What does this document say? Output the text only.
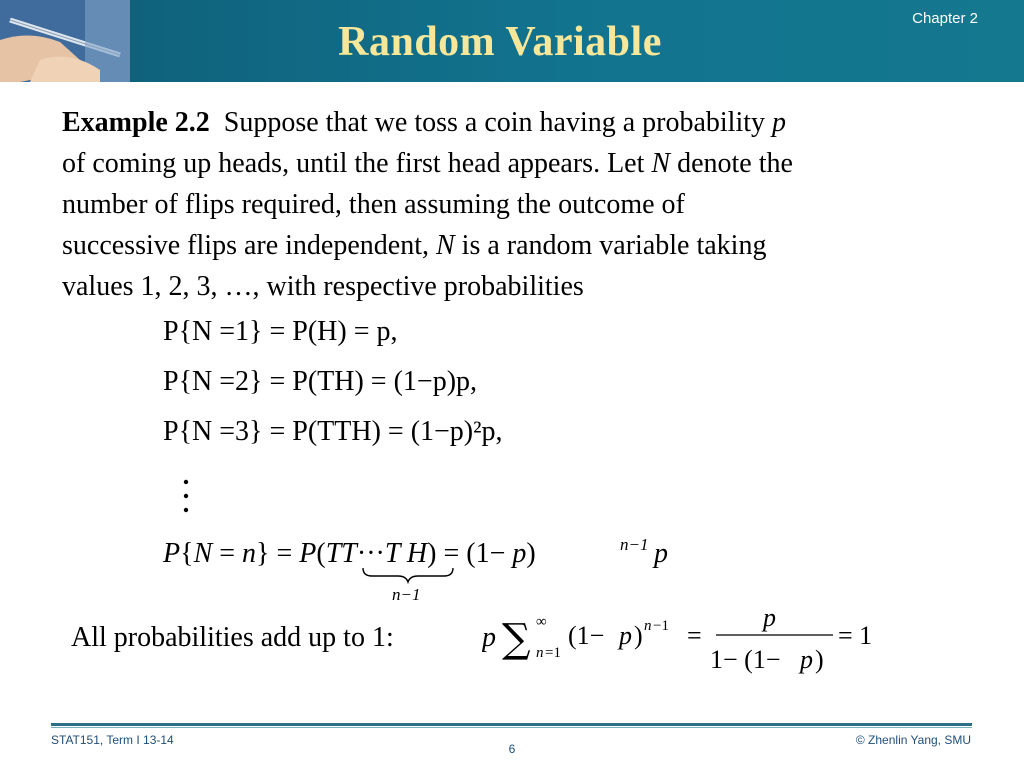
Random Variable
Chapter 2
Example 2.2 Suppose that we toss a coin having a probability p
of coming up heads, until the first head appears. Let N denote the
number of flips required, then assuming the outcome of
successive flips are independent, N is a random variable taking
values 1, 2, 3, …, with respective probabilities
P{N =1} = P(H) = p,
P{N =2} = P(TH) = (1−p)p,
P{N =3} = P(TTH) = (1−p)²p,
P{N = n} = P(TT···T H) = (1− p)	n−1 p
n−1
All probabilities add up to 1:	p ∑ ∞
n =1
(1− p ) n −1 =
p
1− (1− p )
= 1
STAT151, Term I 13-14
6
© Zhenlin Yang, SMU
